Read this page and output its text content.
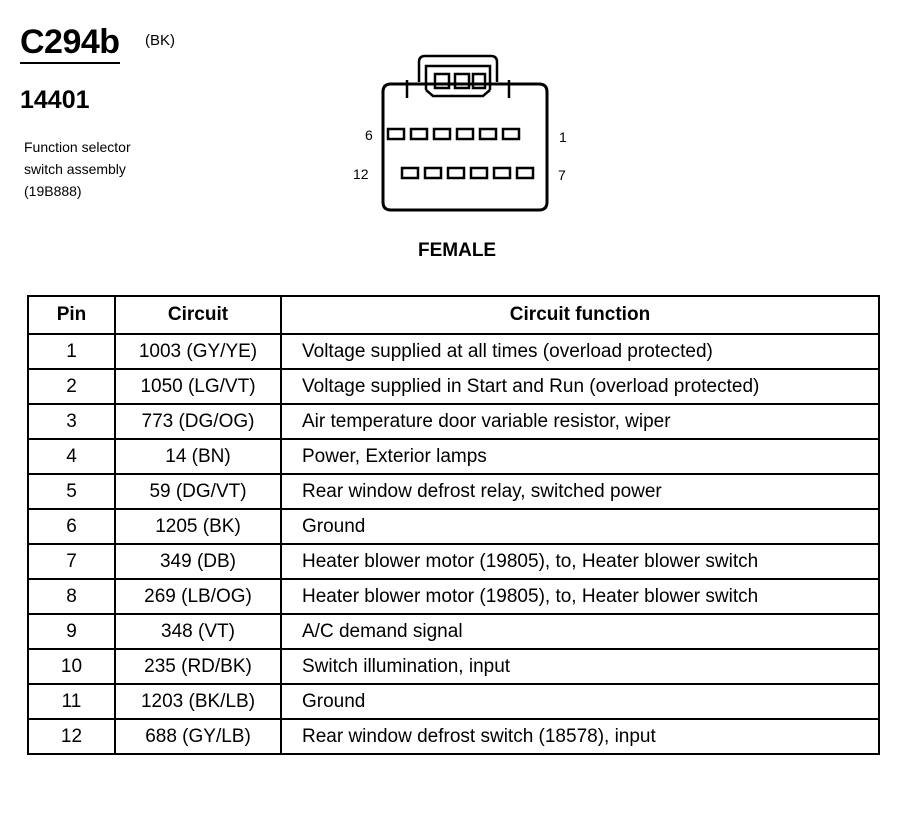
C294b (BK)
14401
Function selector
switch assembly
(19B888)
6	1
12	7
FEMALE
Pin	Circuit	Circuit function
1	1003 (GY/YE)	Voltage supplied at all times (overload protected)
2	1050 (LG/VT)	Voltage supplied in Start and Run (overload protected)
3	773 (DG/OG)	Air temperature door variable resistor, wiper
4	14 (BN)	Power, Exterior lamps
5	59 (DG/VT)	Rear window defrost relay, switched power
6	1205 (BK)	Ground
7	349 (DB)	Heater blower motor (19805), to, Heater blower switch
8	269 (LB/OG)	Heater blower motor (19805), to, Heater blower switch
9	348 (VT)	A/C demand signal
10	235 (RD/BK)	Switch illumination, input
11	1203 (BK/LB)	Ground
12	688 (GY/LB)	Rear window defrost switch (18578), input
